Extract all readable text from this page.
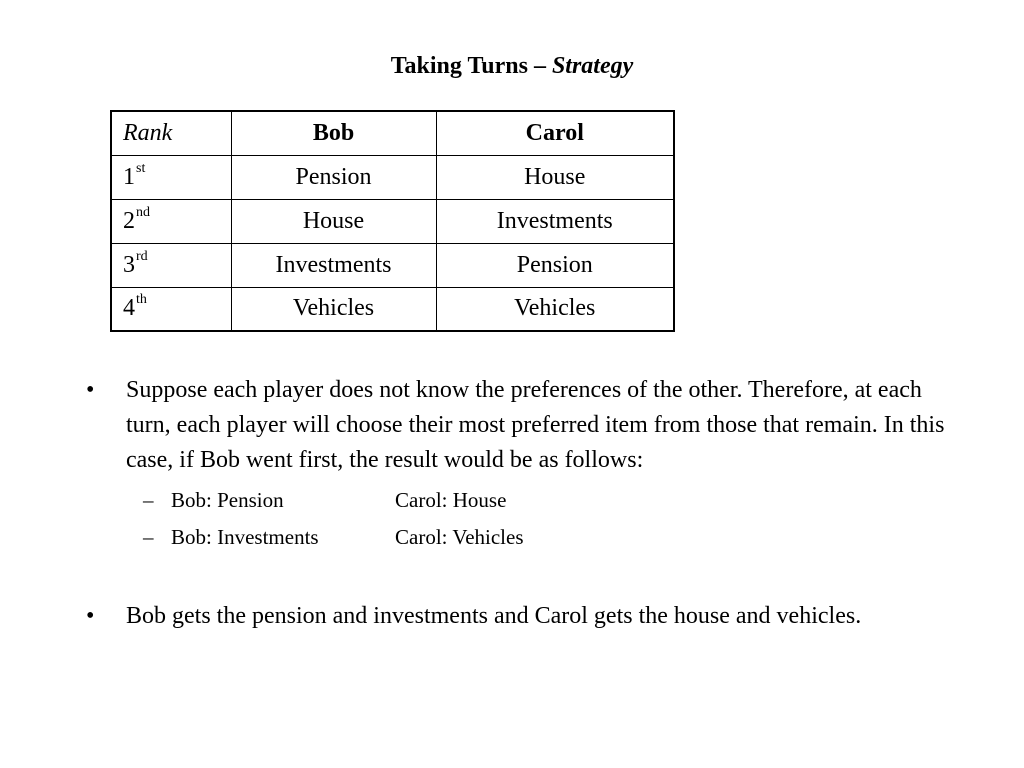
Taking Turns – Strategy
Rank	Bob	Carol
1st	Pension	House
2nd	House	Investments
3rd	Investments	Pension
4th	Vehicles	Vehicles
•	Suppose each player does not know the preferences of the other. Therefore, at each turn, each player will choose their most preferred item from those that remain. In this case, if Bob went first, the result would be as follows:
– Bob: Pension	Carol: House
– Bob: Investments	Carol: Vehicles
•	Bob gets the pension and investments and Carol gets the house and vehicles.
